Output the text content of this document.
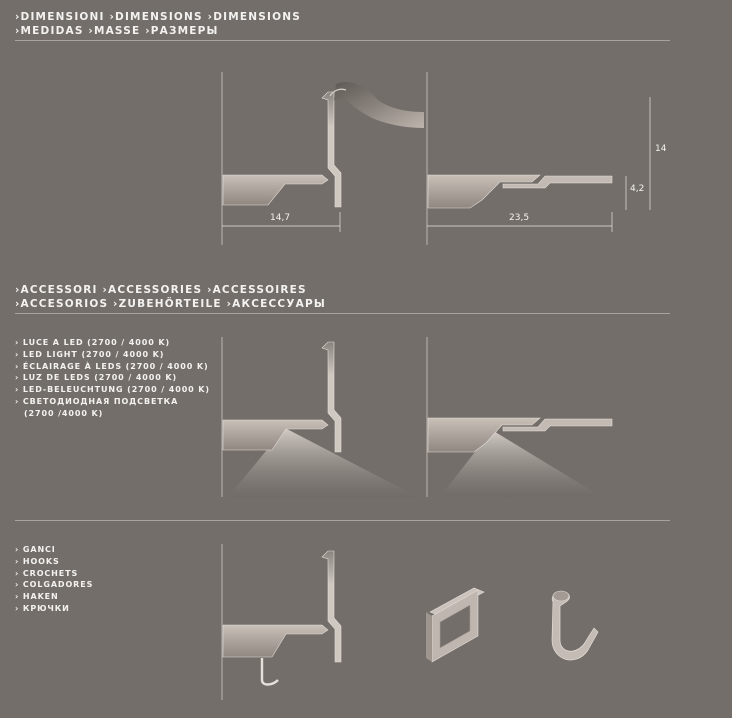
›DIMENSIONI ›DIMENSIONS ›DIMENSIONS
›MEDIDAS ›MASSE ›РАЗМЕРЫ
›ACCESSORI ›ACCESSORIES ›ACCESSOIRES
›ACCESORIOS ›ZUBEHÖRTEILE ›АКСЕССУАРЫ
› LUCE A LED (2700 / 4000 K)
› LED LIGHT (2700 / 4000 K)
› ÉCLAIRAGE À LEDS (2700 / 4000 K)
› LUZ DE LEDS (2700 / 4000 K)
› LED-BELEUCHTUNG (2700 / 4000 K)
› СВЕТОДИОДНАЯ ПОДСВЕТКА
(2700 /4000 K)
› GANCI
› HOOKS
› CROCHETS
› COLGADORES
› HAKEN
› КРЮЧКИ
14,7	23,5
14
4,2
